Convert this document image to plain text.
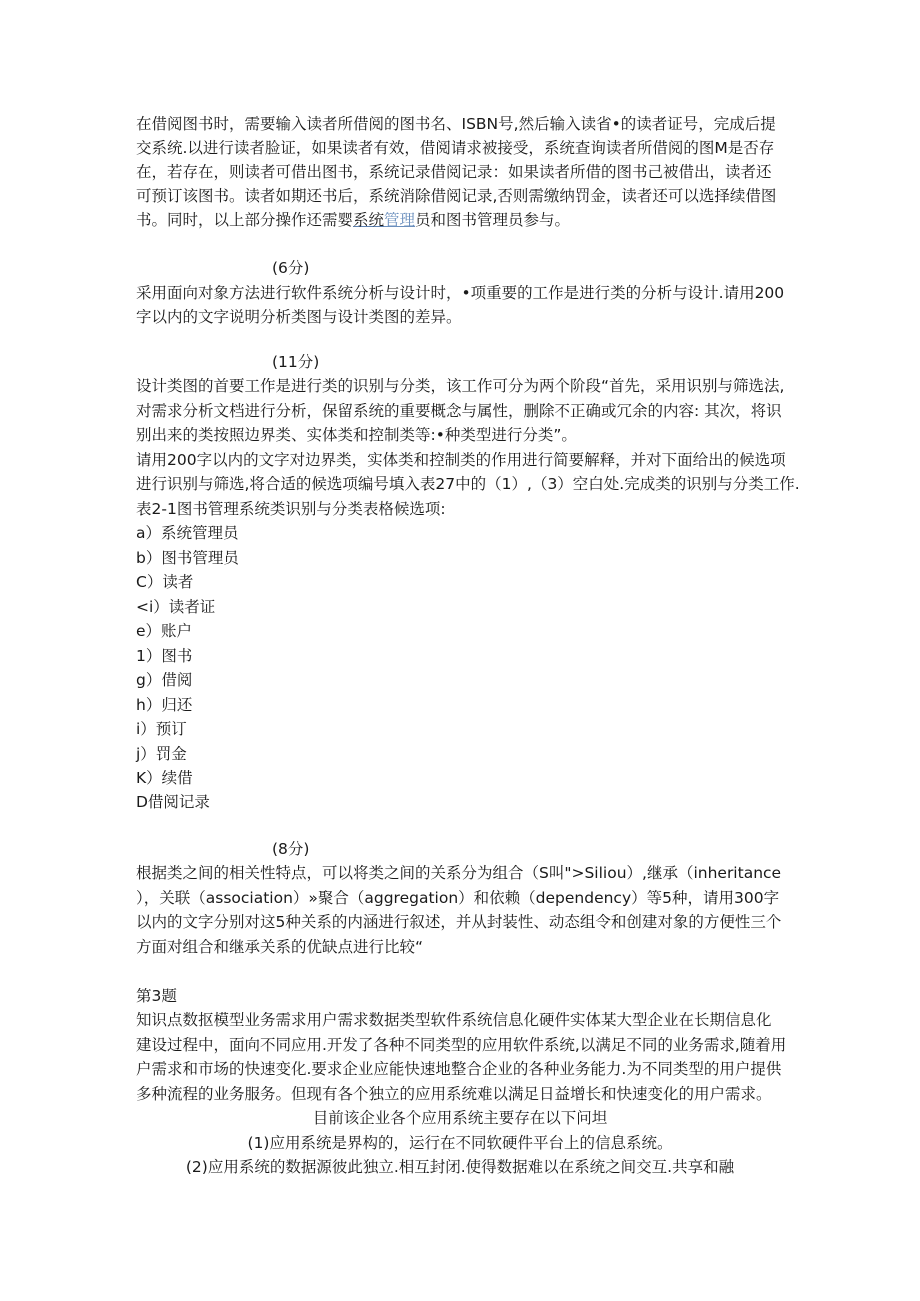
在借阅图书时，需要输入读者所借阅的图书名、ISBN号,然后输入读省•的读者证号，完成后提
交系统.以进行读者脸证，如果读者有效，借阅请求被接受，系统查询读者所借阅的图M是否存
在，若存在，则读者可借出图书，系统记录借阅记录：如果读者所借的图书己被借出，读者还
可预订该图书。读者如期还书后，系统消除借阅记录,否则需缴纳罚金，读者还可以选择续借图
书。同时，以上部分操作还需婴系统管理员和图书管理员参与。
(6分)
采用面向对象方法进行软件系统分析与设计时，•项重要的工作是进行类的分析与设计.请用200
字以内的文字说明分析类图与设计类图的差异。
(11分)
设计类图的首要工作是进行类的识别与分类，该工作可分为两个阶段“首先，采用识别与筛选法,
对需求分析文档进行分析，保留系统的重要概念与属性，删除不正确或冗余的内容: 其次，将识
别出来的类按照边界类、实体类和控制类等:•种类型进行分类”。
请用200字以内的文字对边界类，实体类和控制类的作用进行简要解释，并对下面给出的候选项
进行识别与筛选,将合适的候选项编号填入表27中的（1）,（3）空白处.完成类的识别与分类工作.
表2-1图书管理系统类识别与分类表格候选项:
a）系统管理员
b）图书管理员
C）读者
<i）读者证
e）账户
1）图书
g）借阅
h）归还
i）预订
j）罚金
K）续借
D借阅记录
(8分)
根据类之间的相关性特点，可以将类之间的关系分为组合（S叫">Siliou）,继承（inheritance
），关联（association）»聚合（aggregation）和依赖（dependency）等5种，请用300字
以内的文字分别对这5种关系的内涵进行叙述，并从封装性、动态组令和创建对象的方便性三个
方面对组合和继承关系的优缺点进行比较“
第3题
知识点数抠模型业务需求用户需求数据类型软件系统信息化硬件实体某大型企业在长期信息化
建设过程中，面向不同应用.开发了各种不同类型的应用软件系统,以满足不同的业务需求,随着用
户需求和市场的快速变化.要求企业应能快速地整合企业的各种业务能力.为不同类型的用户提供
多种流程的业务服务。但现有各个独立的应用系统难以满足日益增长和快速变化的用户需求。
目前该企业各个应用系统主要存在以下问坦
(1)应用系统是界构的，运行在不同软硬件平台上的信息系统。
(2)应用系统的数据源彼此独立.相互封闭.使得数据难以在系统之间交互.共享和融
